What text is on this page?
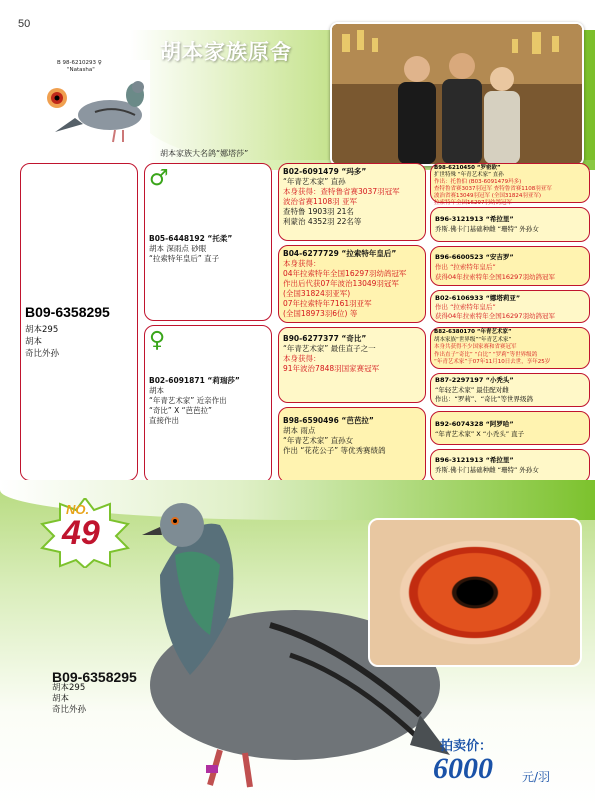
50
胡本家族原舍
B 98-6210293 ♀
"Natasha"
胡本家族大名鸽“娜塔莎”
B09-6358295
胡本295
胡本
奇比外孙
♂
B05-6448192 “托柔”
胡本 深雨点 砂眼
“拉索特年皇后” 直子
♀
B02-6091871 “莉瑞莎”
胡本
“年青艺术家” 近亲作出
“奇比” X “芭芭拉”
直接作出
B02-6091479 “玛多”
“年青艺术家” 直孙
本身获得：查特鲁省赛3037羽冠军
波治省赛1108羽 亚军
查特鲁 1903羽 21名
利蒙治 4352羽 22名等
B04-6277729 “拉索特年皇后”
本身获得：
04年拉索特年全国16297羽幼鸽冠军
作出后代获07年波治13049羽冠军
(全国31824羽亚军)
07年拉索特年7161羽亚军
(全国18973羽6位) 等
B90-6277377 “奇比”
“年青艺术家” 最佳直子之一
本身获得：
91年波治7848羽国家赛冠军
B98-6590496 “芭芭拉”
胡本 雨点
“年青艺术家” 直孙女
作出 “花花公子” 等优秀赛绩鸽
B98-6210450 “罗密欧”
扩世特殊 “年青艺术家” 直孙
作出：托鲁伯 (B03-6091479玛多)
查特鲁省赛3037羽冠军 查特鲁省赛1108羽亚军
波治省赛13049羽冠军 (全国31824羽亚军)
拉索特年全国16297羽幼鸽冠军
B96-3121913 “希拉里”
乔斯.佛卡门基础种雌 “珊特” 外孙女
B96-6600523 “安吉罗”
作出 “拉索特年皇后”
获得04年拉索特年全国16297羽幼鸽冠军
B02-6106933 “娜塔莉亚”
作出 “拉索特年皇后”
获得04年拉索特年全国16297羽幼鸽冠军
B82-6380170 “年青艺术家”
胡本家族“世界级”“年青艺术家”
本身共获得不少国家赛和省赛冠军
作出直子“奇比” “白比” “罗莉”等世界级鸽
“年青艺术家”于07年11月10日去世，享年25岁
B87-2297197 “小秃头”
“年轻艺术家” 最佳配对雌
作出：“罗莉”、“奇比”等世界级鸽
B92-6074328 “阿罗哈”
“年青艺术家” X “小秃头” 直子
B96-3121913 “希拉里”
乔斯.佛卡门基础种雌 “珊特” 外孙女
NO.
49
B09-6358295
胡本295
胡本
奇比外孙
拍卖价：
6000 元/羽
